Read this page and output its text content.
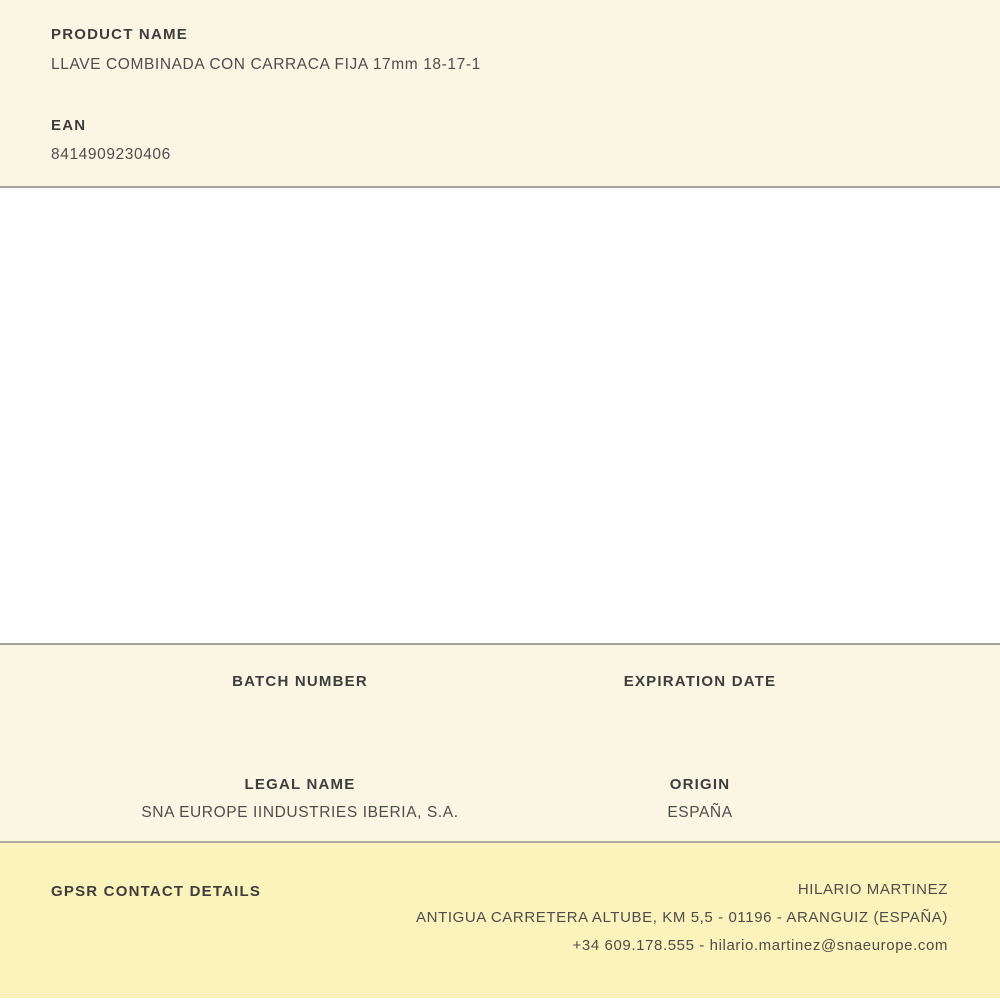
PRODUCT NAME
LLAVE COMBINADA CON CARRACA FIJA 17mm 18-17-1
EAN
8414909230406
BATCH NUMBER	EXPIRATION DATE
LEGAL NAME
SNA EUROPE IINDUSTRIES IBERIA, S.A.
ORIGIN
ESPAÑA
GPSR CONTACT DETAILS	HILARIO MARTINEZ
ANTIGUA CARRETERA ALTUBE, KM 5,5 - 01196 - ARANGUIZ (ESPAÑA)
+34 609.178.555 - hilario.martinez@snaeurope.com
